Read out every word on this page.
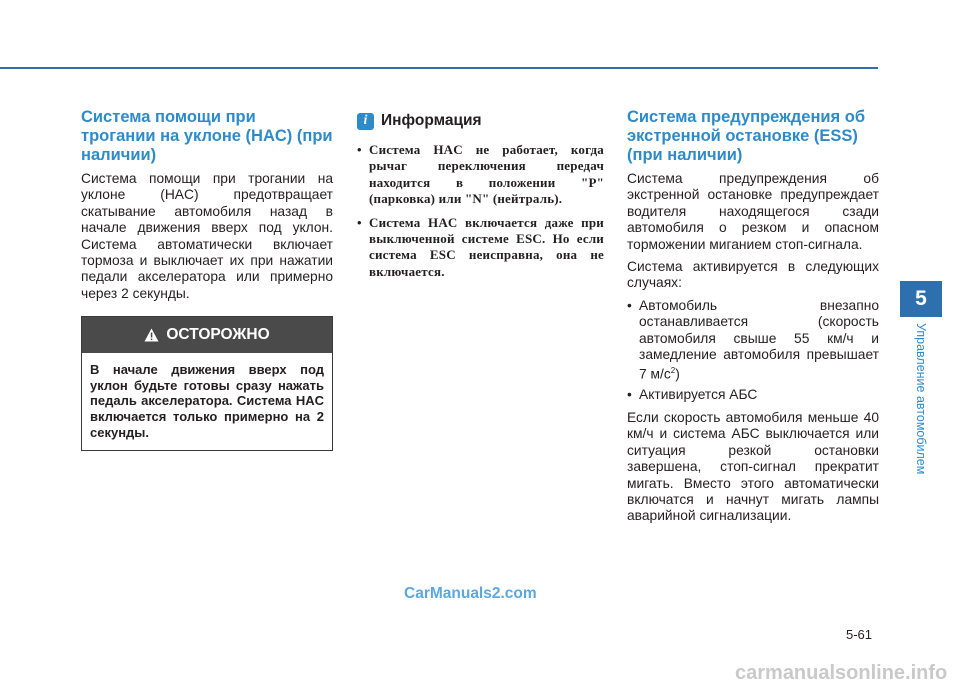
Система помощи при трогании на уклоне (HAC) (при наличии)

Система помощи при трогании на уклоне (HAC) предотвращает скатывание автомобиля назад в начале движения вверх под уклон. Система автоматически включает тормоза и выключает их при нажатии педали акселератора или примерно через 2 секунды.

ОСТОРОЖНО
В начале движения вверх под уклон будьте готовы сразу нажать педаль акселератора. Система HAC включается только примерно на 2 секунды.
i Информация
• Система HAC не работает, когда рычаг переключения передач находится в положении "P" (парковка) или "N" (нейтраль).
• Система HAC включается даже при выключенной системе ESC. Но если система ESC неисправна, она не включается.
Система предупреждения об экстренной остановке (ESS) (при наличии)

Система предупреждения об экстренной остановке предупреждает водителя находящегося сзади автомобиля о резком и опасном торможении миганием стоп-сигнала.

Система активируется в следующих случаях:

• Автомобиль внезапно останавливается (скорость автомобиля свыше 55 км/ч и замедление автомобиля превышает 7 $м/с^2$)
• Активируется АБС

Если скорость автомобиля меньше 40 км/ч и система АБС выключается или ситуация резкой остановки завершена, стоп-сигнал прекратит мигать. Вместо этого автоматически включатся и начнут мигать лампы аварийной сигнализации.

5
Управление автомобилем
CarManuals2.com
5-61
carmanualsonline.info
